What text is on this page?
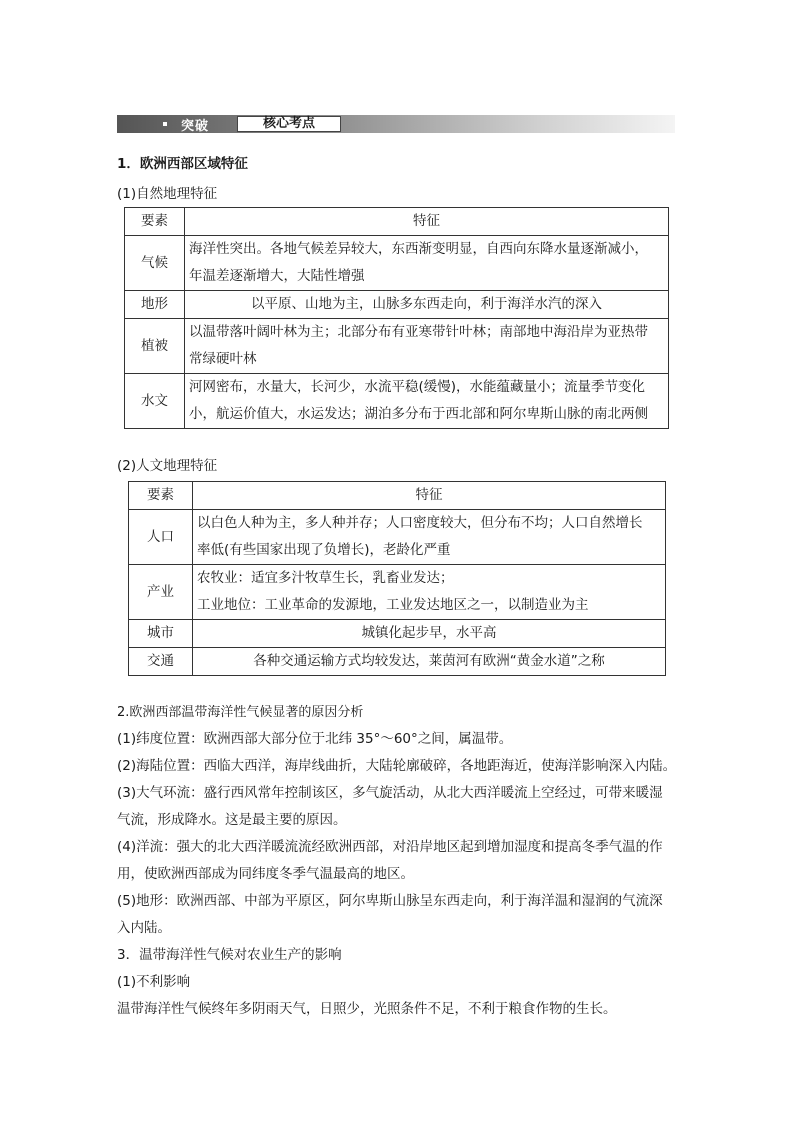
突破	核心考点
1．欧洲西部区域特征
(1)自然地理特征
要素	特征
气候	海洋性突出。各地气候差异较大，东西渐变明显，自西向东降水量逐渐减小，
年温差逐渐增大，大陆性增强

地形	以平原、山地为主，山脉多东西走向，利于海洋水汽的深入

植被	以温带落叶阔叶林为主；北部分布有亚寒带针叶林；南部地中海沿岸为亚热带
常绿硬叶林

水文	河网密布，水量大，长河少，水流平稳(缓慢)，水能蕴藏量小；流量季节变化
小，航运价值大，水运发达；湖泊多分布于西北部和阿尔卑斯山脉的南北两侧
(2)人文地理特征
要素	特征
人口	以白色人种为主，多人种并存；人口密度较大，但分布不均；人口自然增长
率低(有些国家出现了负增长)，老龄化严重

产业	农牧业：适宜多汁牧草生长，乳畜业发达；
工业地位：工业革命的发源地，工业发达地区之一，以制造业为主

城市	城镇化起步早，水平高

交通	各种交通运输方式均较发达，莱茵河有欧洲“黄金水道”之称
2.欧洲西部温带海洋性气候显著的原因分析
(1)纬度位置：欧洲西部大部分位于北纬 35°～60°之间，属温带。
(2)海陆位置：西临大西洋，海岸线曲折，大陆轮廓破碎，各地距海近，使海洋影响深入内陆。
(3)大气环流：盛行西风常年控制该区，多气旋活动，从北大西洋暖流上空经过，可带来暖湿
气流，形成降水。这是最主要的原因。
(4)洋流：强大的北大西洋暖流流经欧洲西部，对沿岸地区起到增加湿度和提高冬季气温的作
用，使欧洲西部成为同纬度冬季气温最高的地区。
(5)地形：欧洲西部、中部为平原区，阿尔卑斯山脉呈东西走向，利于海洋温和湿润的气流深
入内陆。
3．温带海洋性气候对农业生产的影响
(1)不利影响
温带海洋性气候终年多阴雨天气，日照少，光照条件不足，不利于粮食作物的生长。
